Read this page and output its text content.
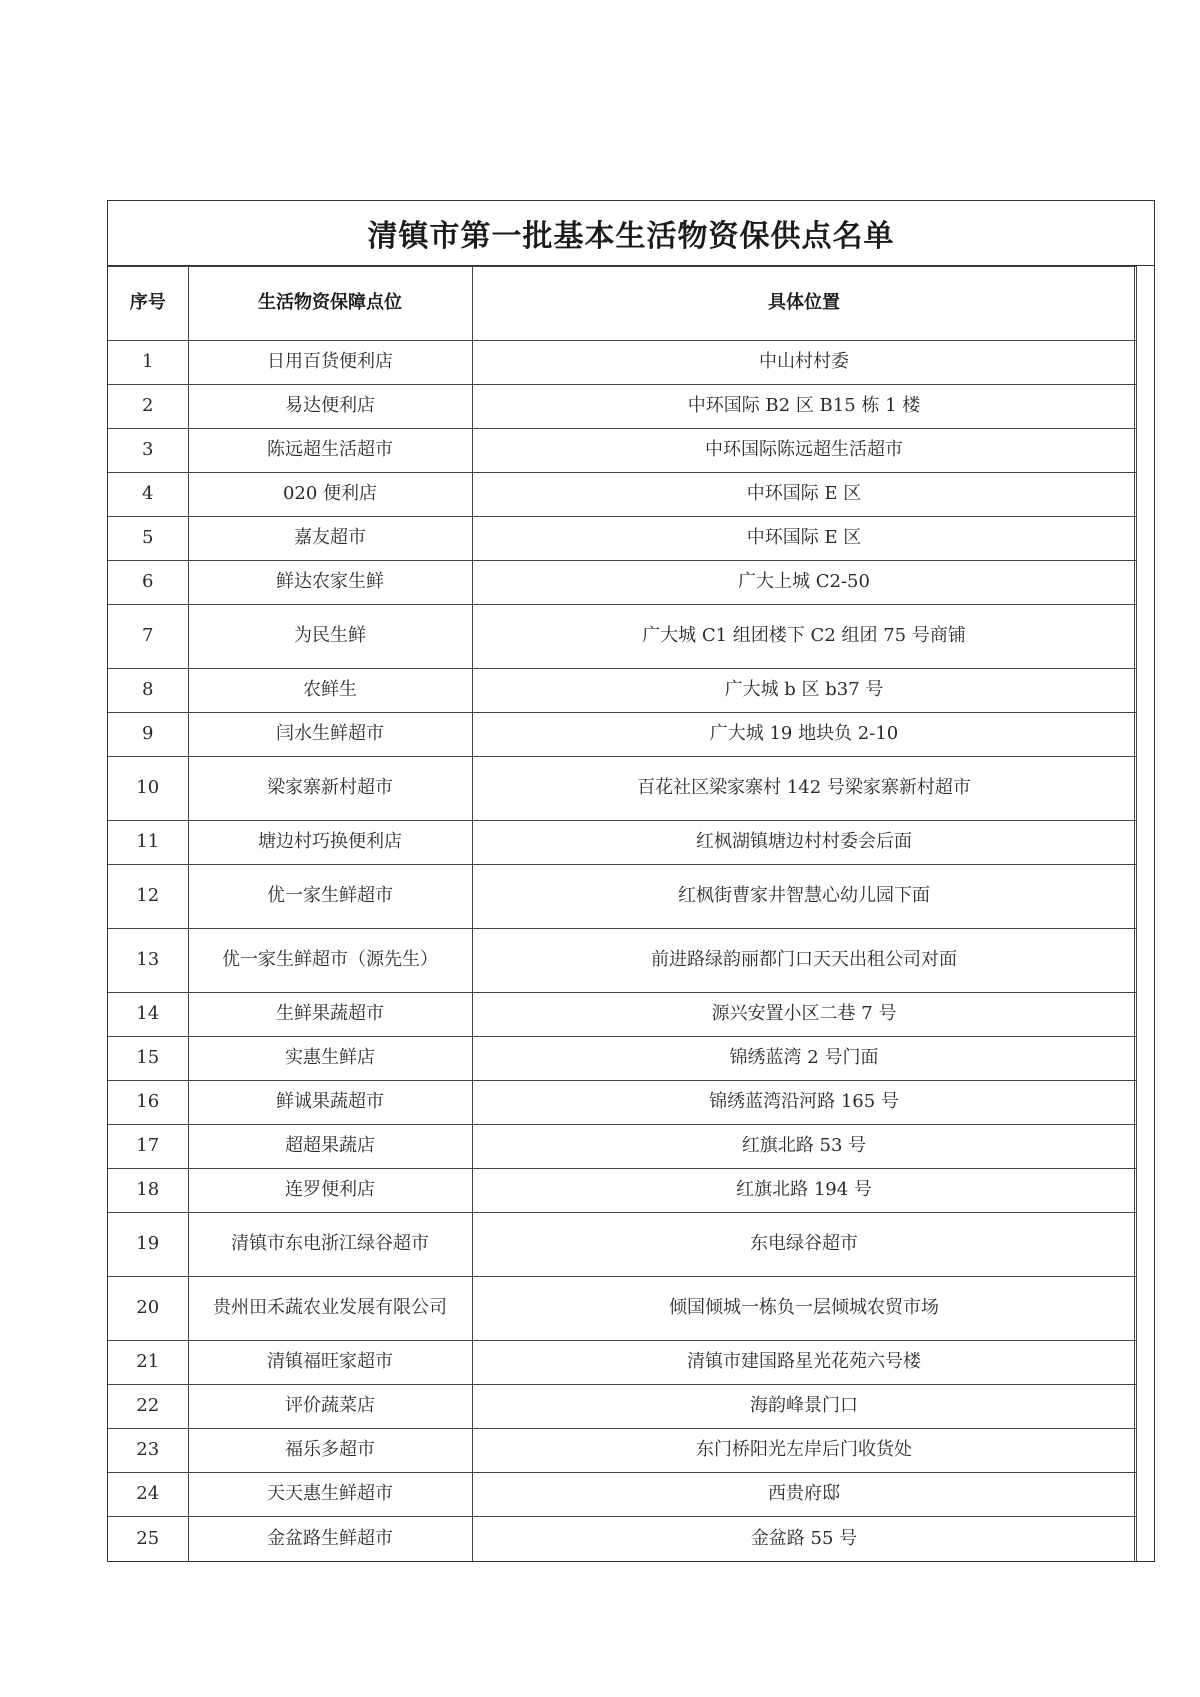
清镇市第一批基本生活物资保供点名单
序号	生活物资保障点位	具体位置
1	日用百货便利店	中山村村委
2	易达便利店	中环国际 B2 区 B15 栋 1 楼
3	陈远超生活超市	中环国际陈远超生活超市
4	020 便利店	中环国际 E 区
5	嘉友超市	中环国际 E 区
6	鲜达农家生鲜	广大上城 C2-50
7	为民生鲜	广大城 C1 组团楼下 C2 组团 75 号商铺
8	农鲜生	广大城 b 区 b37 号
9	闫水生鲜超市	广大城 19 地块负 2-10
10	梁家寨新村超市	百花社区梁家寨村 142 号梁家寨新村超市
11	塘边村巧换便利店	红枫湖镇塘边村村委会后面
12	优一家生鲜超市	红枫街曹家井智慧心幼儿园下面
13	优一家生鲜超市（源先生）	前进路绿韵丽都门口天天出租公司对面
14	生鲜果蔬超市	源兴安置小区二巷 7 号
15	实惠生鲜店	锦绣蓝湾 2 号门面
16	鲜诚果蔬超市	锦绣蓝湾沿河路 165 号
17	超超果蔬店	红旗北路 53 号
18	连罗便利店	红旗北路 194 号
19	清镇市东电浙江绿谷超市	东电绿谷超市
20	贵州田禾蔬农业发展有限公司	倾国倾城一栋负一层倾城农贸市场
21	清镇福旺家超市	清镇市建国路星光花苑六号楼
22	评价蔬菜店	海韵峰景门口
23	福乐多超市	东门桥阳光左岸后门收货处
24	天天惠生鲜超市	西贵府邸
25	金盆路生鲜超市	金盆路 55 号
